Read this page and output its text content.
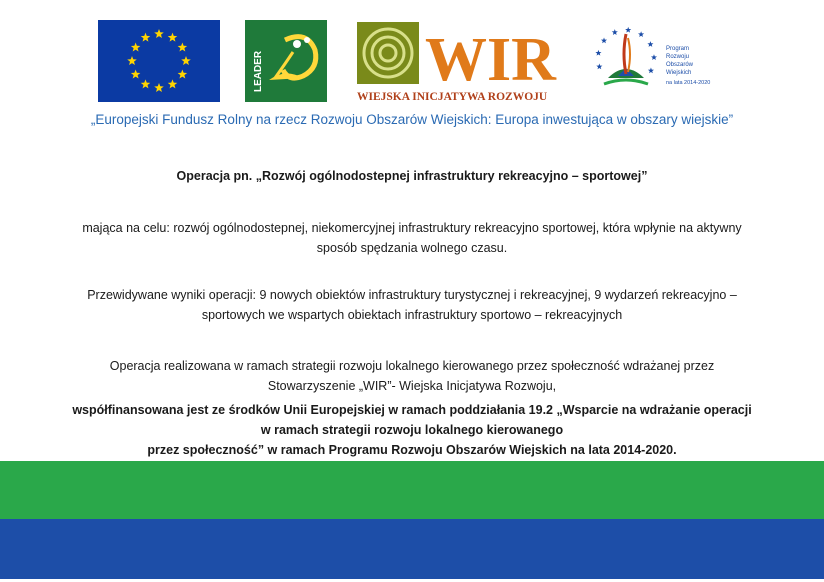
LEADER	WIR
WIEJSKA INICJATYWA ROZWOJU
Program
Rozwoju
Obszarów
Wiejskich
na lata 2014-2020
„Europejski Fundusz Rolny na rzecz Rozwoju Obszarów Wiejskich: Europa inwestująca w obszary wiejskie”
Operacja pn. „Rozwój ogólnodostepnej infrastruktury rekreacyjno – sportowej”
mająca na celu: rozwój ogólnodostepnej, niekomercyjnej infrastruktury rekreacyjno sportowej, która wpłynie na aktywny
sposób spędzania wolnego czasu.
Przewidywane wyniki operacji: 9 nowych obiektów infrastruktury turystycznej i rekreacyjnej, 9 wydarzeń rekreacyjno –
sportowych we wspartych obiektach infrastruktury sportowo – rekreacyjnych
Operacja realizowana w ramach strategii rozwoju lokalnego kierowanego przez społeczność wdrażanej przez
Stowarzyszenie „WIR”- Wiejska Inicjatywa Rozwoju,
współfinansowana jest ze środków Unii Europejskiej w ramach poddziałania 19.2 „Wsparcie na wdrażanie operacji
w ramach strategii rozwoju lokalnego kierowanego
przez społeczność” w ramach Programu Rozwoju Obszarów Wiejskich na lata 2014-2020.
